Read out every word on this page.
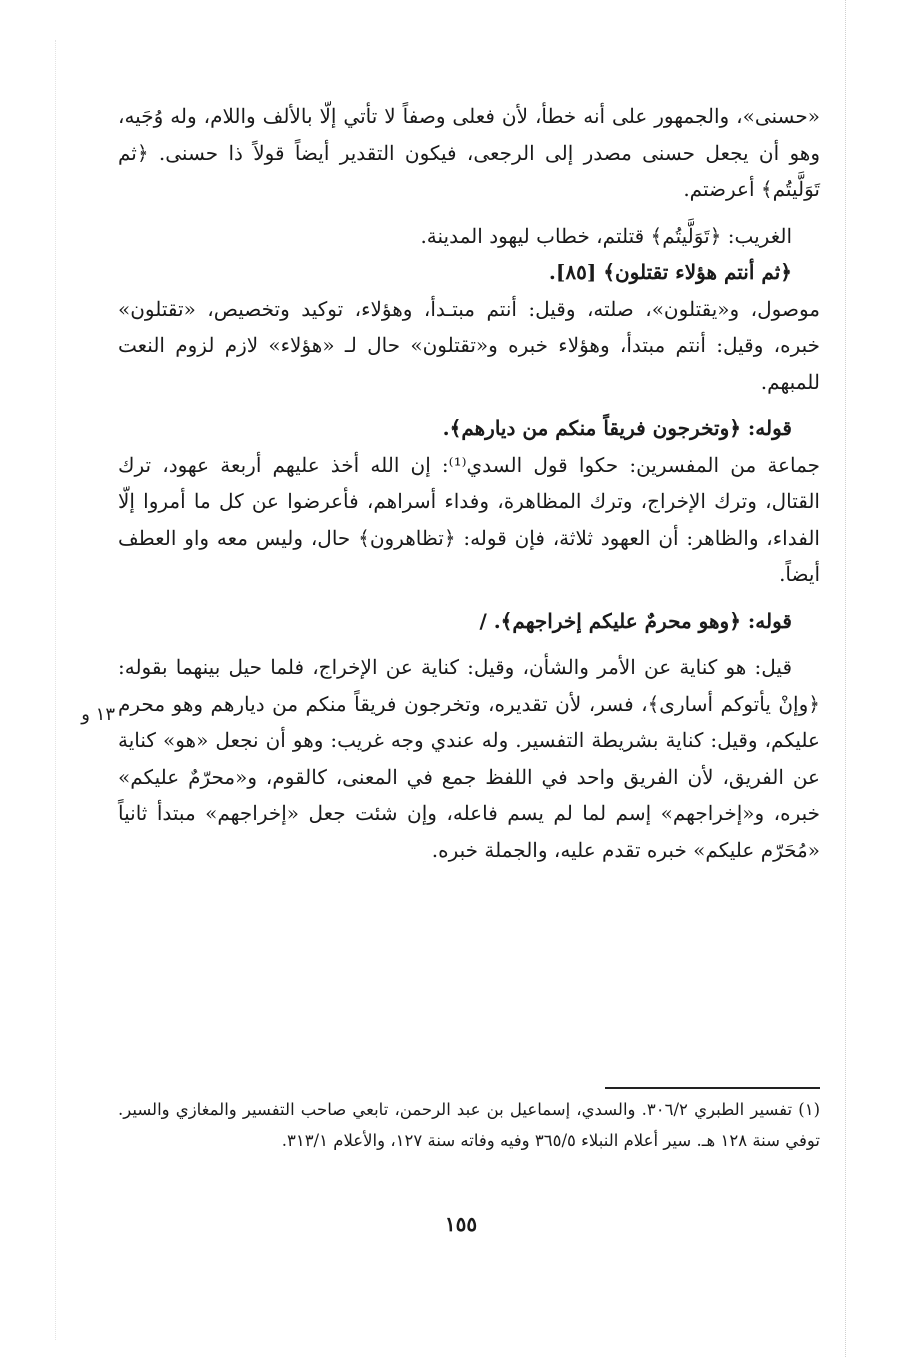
«حسنى»، والجمهور على أنه خطأ، لأن فعلى وصفاً لا تأتي إلّا بالألف واللام، وله وُجَيه، وهو أن يجعل حسنى مصدر إلى الرجعى، فيكون التقدير أيضاً قولاً ذا حسنى. ﴿ثم تَوَلَّيتُم﴾ أعرضتم.

الغريب: ﴿تَوَلَّيتُم﴾ قتلتم، خطاب ليهود المدينة.

﴿ثم أنتم هؤلاء تقتلون﴾ [٨٥].

موصول، و«يقتلون»، صلته، وقيل: أنتم مبتـدأ، وهؤلاء، توكيد وتخصيص، «تقتلون» خبره، وقيل: أنتم مبتدأ، وهؤلاء خبره و«تقتلون» حال لـ «هؤلاء» لازم لزوم النعت للمبهم.

قوله: ﴿وتخرجون فريقاً منكم من ديارهم﴾.

جماعة من المفسرين: حكوا قول السدي⁽¹⁾: إن الله أخذ عليهم أربعة عهود، ترك القتال، وترك الإخراج، وترك المظاهرة، وفداء أسراهم، فأعرضوا عن كل ما أمروا إلّا الفداء، والظاهر: أن العهود ثلاثة، فإن قوله: ﴿تظاهرون﴾ حال، وليس معه واو العطف أيضاً.

قوله: ﴿وهو محرمٌ عليكم إخراجهم﴾. /

قيل: هو كناية عن الأمر والشأن، وقيل: كناية عن الإخراج، فلما حيل بينهما بقوله: ﴿وإنْ يأتوكم أسارى﴾، فسر، لأن تقديره، وتخرجون فريقاً منكم من ديارهم وهو محرم عليكم، وقيل: كناية بشريطة التفسير. وله عندي وجه غريب: وهو أن نجعل «هو» كناية عن الفريق، لأن الفريق واحد في اللفظ جمع في المعنى، كالقوم، و«محرّمٌ عليكم» خبره، و«إخراجهم» إسم لما لم يسم فاعله، وإن شئت جعل «إخراجهم» مبتدأ ثانياً «مُحَرّم عليكم» خبره تقدم عليه، والجملة خبره.

١٣ و

(١) تفسير الطبري ٣٠٦/٢. والسدي، إسماعيل بن عبد الرحمن، تابعي صاحب التفسير والمغازي والسير. توفي سنة ١٢٨ هـ. سير أعلام النبلاء ٣٦٥/٥ وفيه وفاته سنة ١٢٧، والأعلام ٣١٣/١.

١٥٥
